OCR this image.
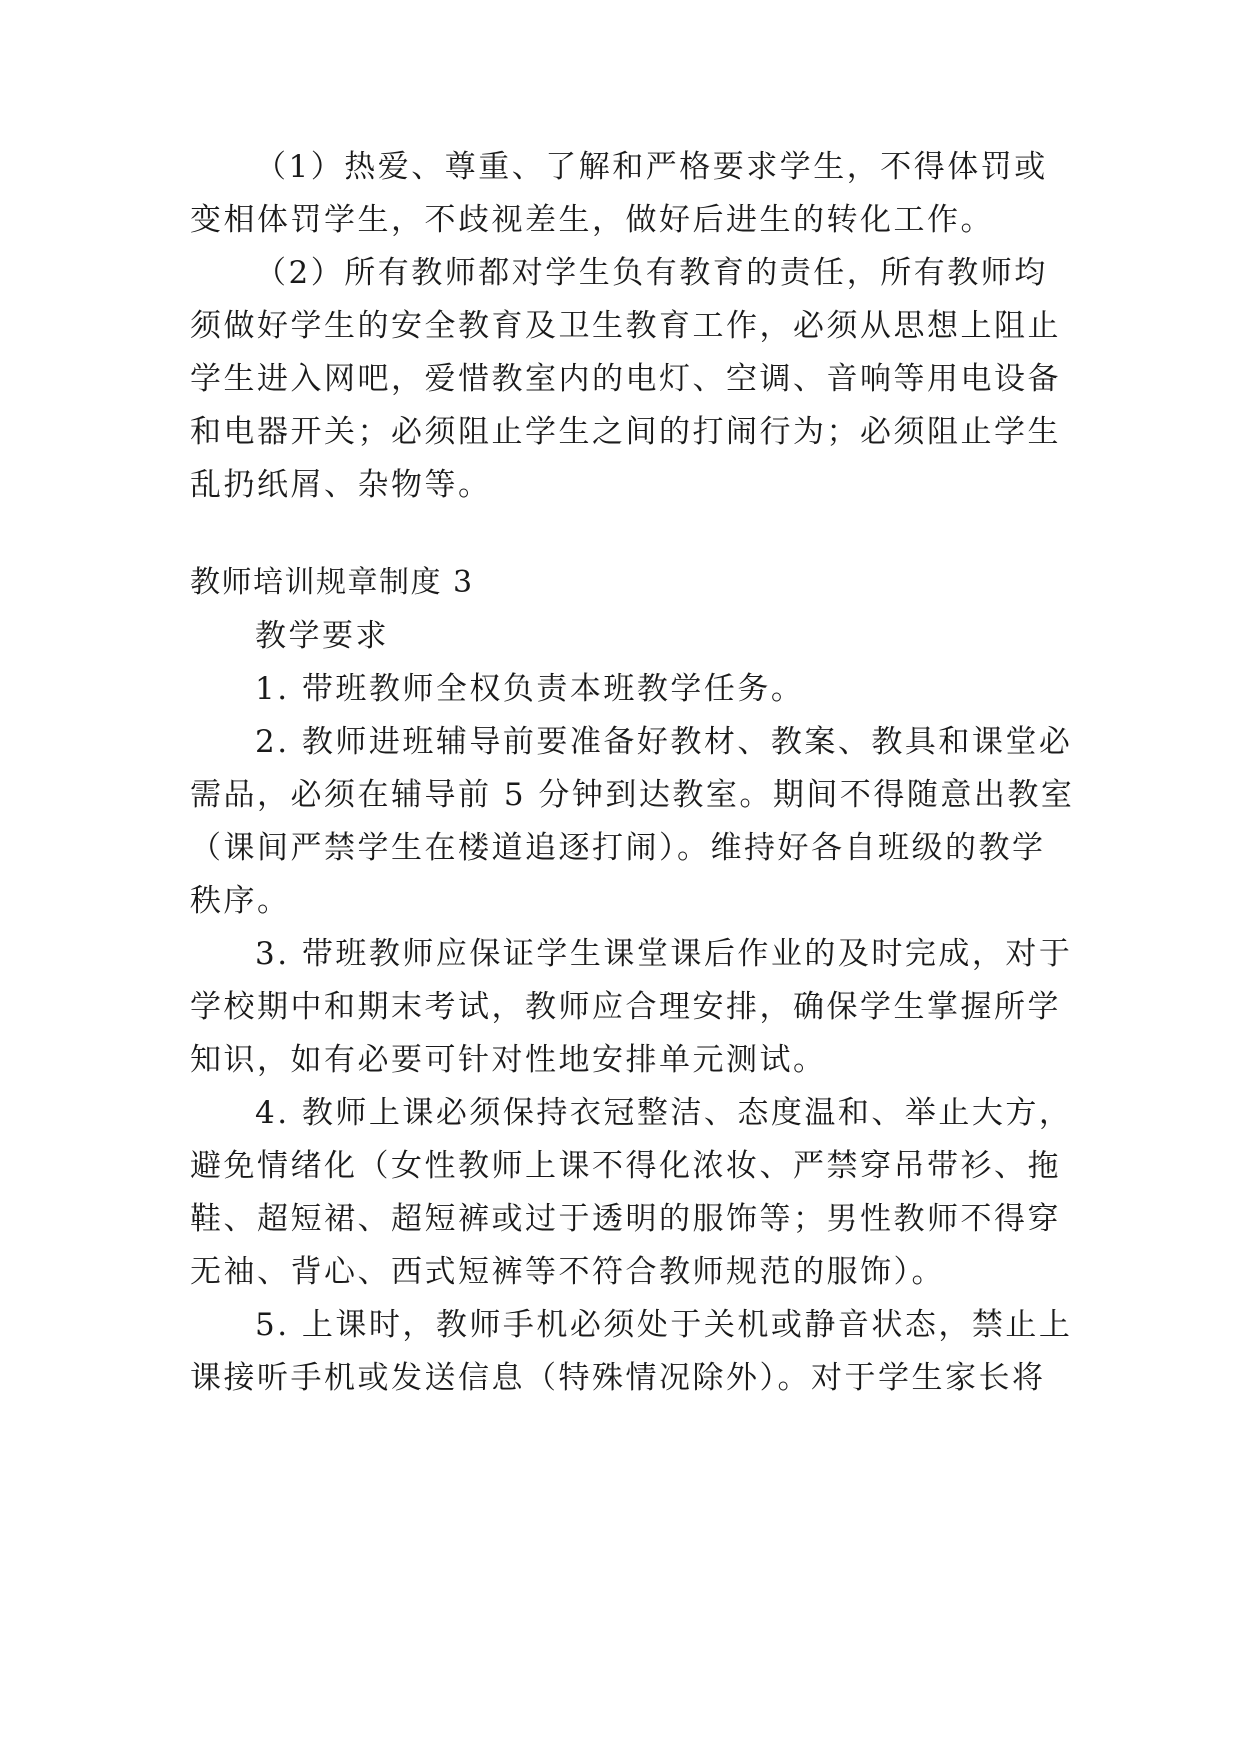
（1）热爱、尊重、了解和严格要求学生，不得体罚或
变相体罚学生，不歧视差生，做好后进生的转化工作。
（2）所有教师都对学生负有教育的责任，所有教师均
须做好学生的安全教育及卫生教育工作，必须从思想上阻止
学生进入网吧，爱惜教室内的电灯、空调、音响等用电设备
和电器开关；必须阻止学生之间的打闹行为；必须阻止学生
乱扔纸屑、杂物等。
教师培训规章制度 3
教学要求
1. 带班教师全权负责本班教学任务。
2. 教师进班辅导前要准备好教材、教案、教具和课堂必
需品，必须在辅导前 5 分钟到达教室。期间不得随意出教室
（课间严禁学生在楼道追逐打闹）。维持好各自班级的教学
秩序。
3. 带班教师应保证学生课堂课后作业的及时完成，对于
学校期中和期末考试，教师应合理安排，确保学生掌握所学
知识，如有必要可针对性地安排单元测试。
4. 教师上课必须保持衣冠整洁、态度温和、举止大方，
避免情绪化（女性教师上课不得化浓妆、严禁穿吊带衫、拖
鞋、超短裙、超短裤或过于透明的服饰等；男性教师不得穿
无袖、背心、西式短裤等不符合教师规范的服饰）。
5. 上课时，教师手机必须处于关机或静音状态，禁止上
课接听手机或发送信息（特殊情况除外）。对于学生家长将
